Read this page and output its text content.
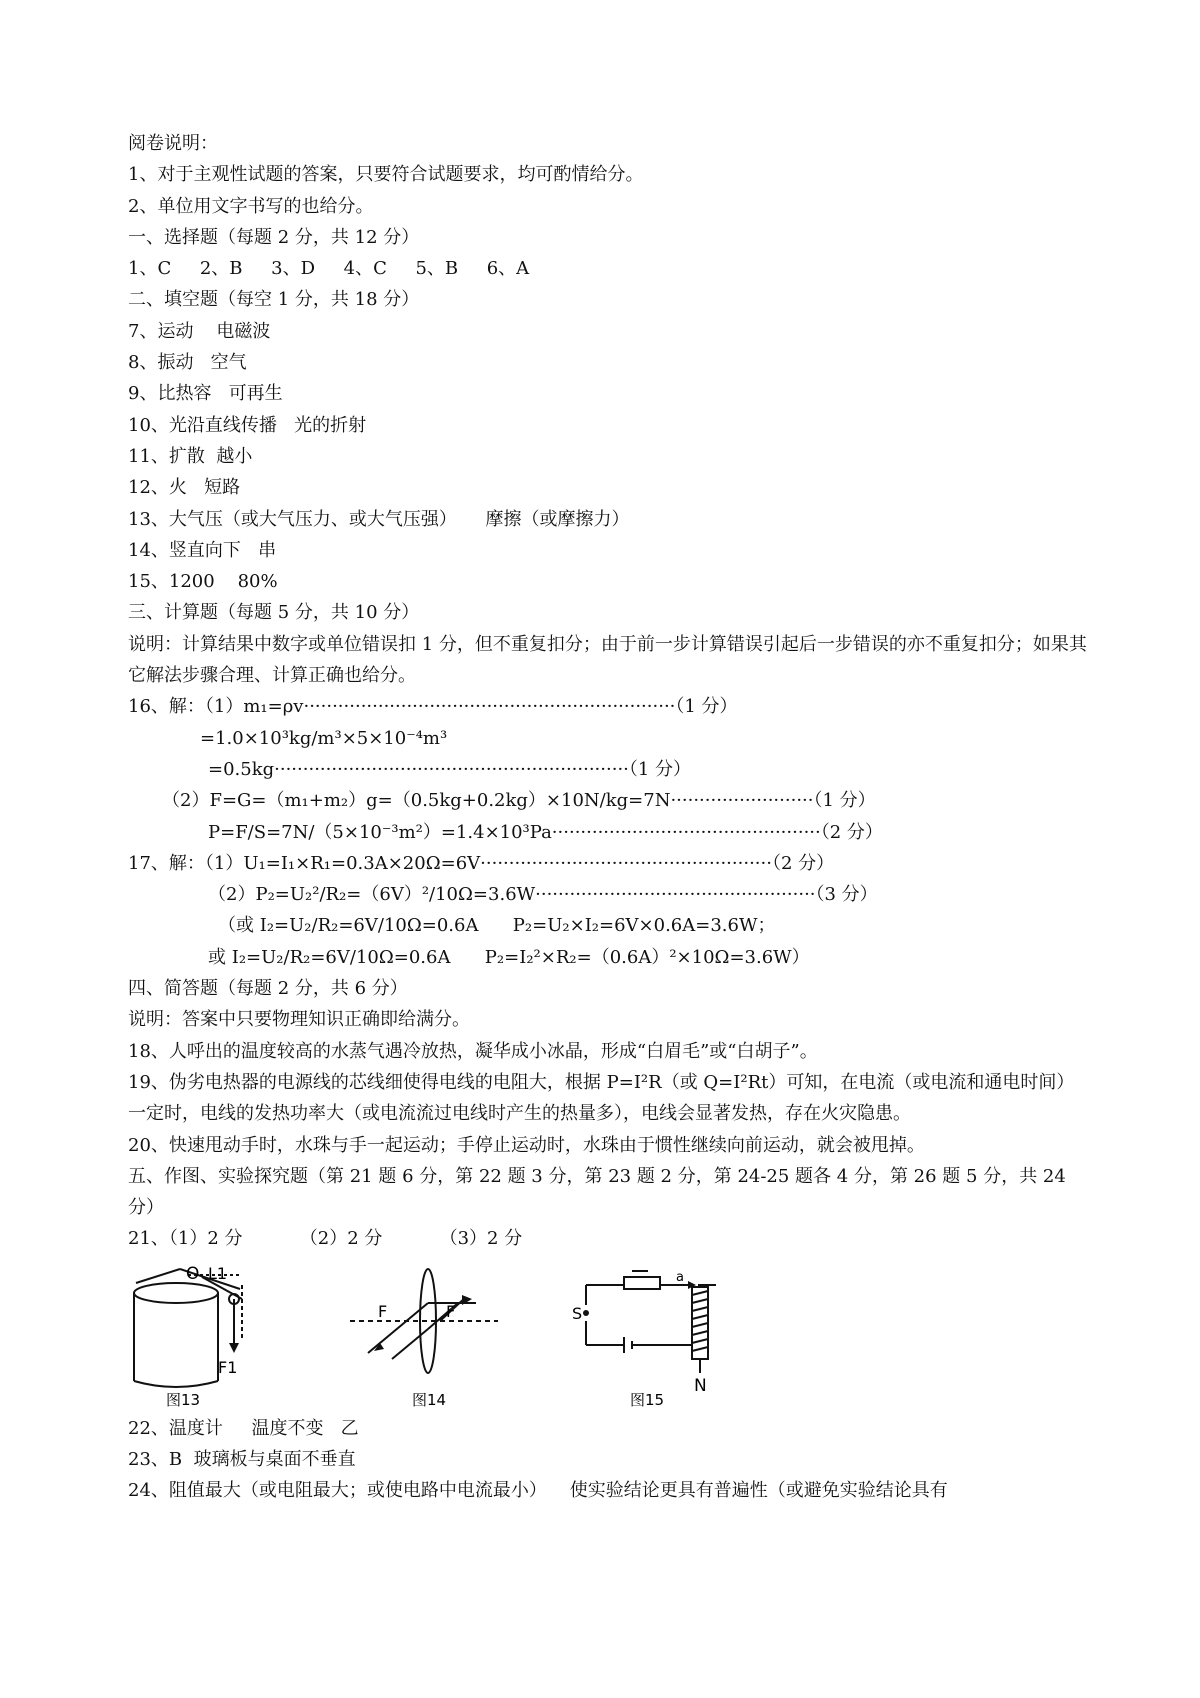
阅卷说明：

1、对于主观性试题的答案，只要符合试题要求，均可酌情给分。

2、单位用文字书写的也给分。

一、选择题（每题 2 分，共 12 分）

1、C     2、B     3、D     4、C     5、B     6、A

二、填空题（每空 1 分，共 18 分）

7、运动    电磁波

8、振动   空气

9、比热容   可再生

10、光沿直线传播   光的折射

11、扩散  越小

12、火   短路

13、大气压（或大气压力、或大气压强）     摩擦（或摩擦力）

14、竖直向下   串

15、1200    80%

三、计算题（每题 5 分，共 10 分）

说明：计算结果中数字或单位错误扣 1 分，但不重复扣分；由于前一步计算错误引起后一步错误的亦不重复扣分；如果其它解法步骤合理、计算正确也给分。

16、解：（1）m₁=ρv·································································（1 分）

=1.0×10³kg/m³×5×10⁻⁴m³

=0.5kg······························································（1 分）

（2）F=G=（m₁+m₂）g=（0.5kg+0.2kg）×10N/kg=7N·························（1 分）

P=F/S=7N/（5×10⁻³m²）=1.4×10³Pa···············································（2 分）

17、解：（1）U₁=I₁×R₁=0.3A×20Ω=6V···················································（2 分）

（2）P₂=U₂²/R₂=（6V）²/10Ω=3.6W·················································（3 分）

（或 I₂=U₂/R₂=6V/10Ω=0.6A      P₂=U₂×I₂=6V×0.6A=3.6W；

或 I₂=U₂/R₂=6V/10Ω=0.6A      P₂=I₂²×R₂=（0.6A）²×10Ω=3.6W）

四、简答题（每题 2 分，共 6 分）

说明：答案中只要物理知识正确即给满分。

18、人呼出的温度较高的水蒸气遇冷放热，凝华成小冰晶，形成“白眉毛”或“白胡子”。

19、伪劣电热器的电源线的芯线细使得电线的电阻大，根据 P=I²R（或 Q=I²Rt）可知，在电流（或电流和通电时间）一定时，电线的发热功率大（或电流流过电线时产生的热量多），电线会显著发热，存在火灾隐患。

20、快速甩动手时，水珠与手一起运动；手停止运动时，水珠由于惯性继续向前运动，就会被甩掉。

五、作图、实验探究题（第 21 题 6 分，第 22 题 3 分，第 23 题 2 分，第 24-25 题各 4 分，第 26 题 5 分，共 24 分）

21、（1）2 分          （2）2 分          （3）2 分

O L1
F1
图13
F	F
图14
S
a
N
图15

22、温度计     温度不变   乙

23、B  玻璃板与桌面不垂直

24、阻值最大（或电阻最大；或使电路中电流最小）    使实验结论更具有普遍性（或避免实验结论具有
